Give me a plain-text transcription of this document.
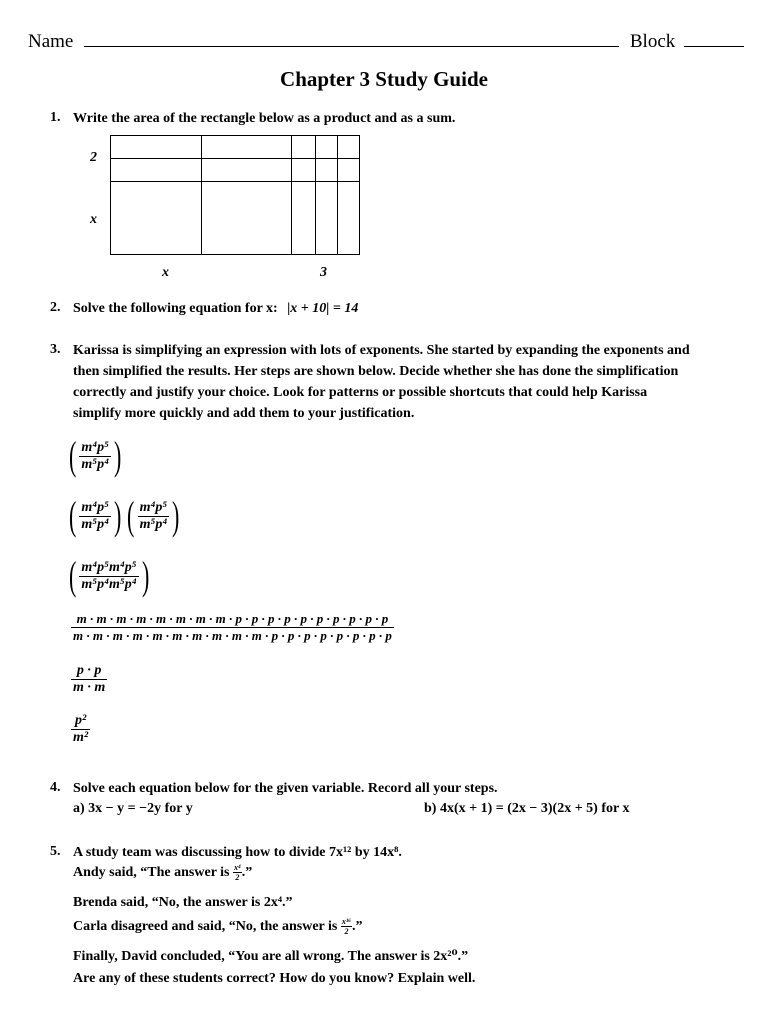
Name	Block
Chapter 3 Study Guide
1. Write the area of the rectangle below as a product and as a sum.
2
x
x	3
2. Solve the following equation for x: |x + 10| = 14
3. Karissa is simplifying an expression with lots of exponents. She started by expanding the exponents and
then simplified the results. Her steps are shown below. Decide whether she has done the simplification
correctly and justify your choice. Look for patterns or possible shortcuts that could help Karissa
simplify more quickly and add them to your justification.
( $\frac{\text{m⁴p⁵}}{\text{m⁵p⁴}}$ )
( $\frac{\text{m⁴p⁵}}{\text{m⁵p⁴}}$ ) ( $\frac{\text{m⁴p⁵}}{\text{m⁵p⁴}}$ )
( $\frac{\text{m⁴p⁵m⁴p⁵}}{\text{m⁵p⁴m⁵p⁴}}$ )
m · m · m · m · m · m · m · m · p · p · p · p · p · p · p · p · p · p
m · m · m · m · m · m · m · m · m · m · p · p · p · p · p · p · p · p
$\frac{p \cdot p}{m \cdot m}$
$\frac{\text{p²}}{\text{m²}}$
4. Solve each equation below for the given variable. Record all your steps.
a) 3x − y = −2y for y	b) 4x(x + 1) = (2x − 3)(2x + 5) for x
5. A study team was discussing how to divide 7x¹² by 14x⁸.
Andy said, “The answer is $\frac{\text{x⁴}}{2}$ .”
Brenda said, “No, the answer is 2x⁴.”
Carla disagreed and said, “No, the answer is $\frac{\text{x¹⁶}}{2}$ .”
Finally, David concluded, “You are all wrong. The answer is 2x²⁰.”
Are any of these students correct? How do you know? Explain well.
